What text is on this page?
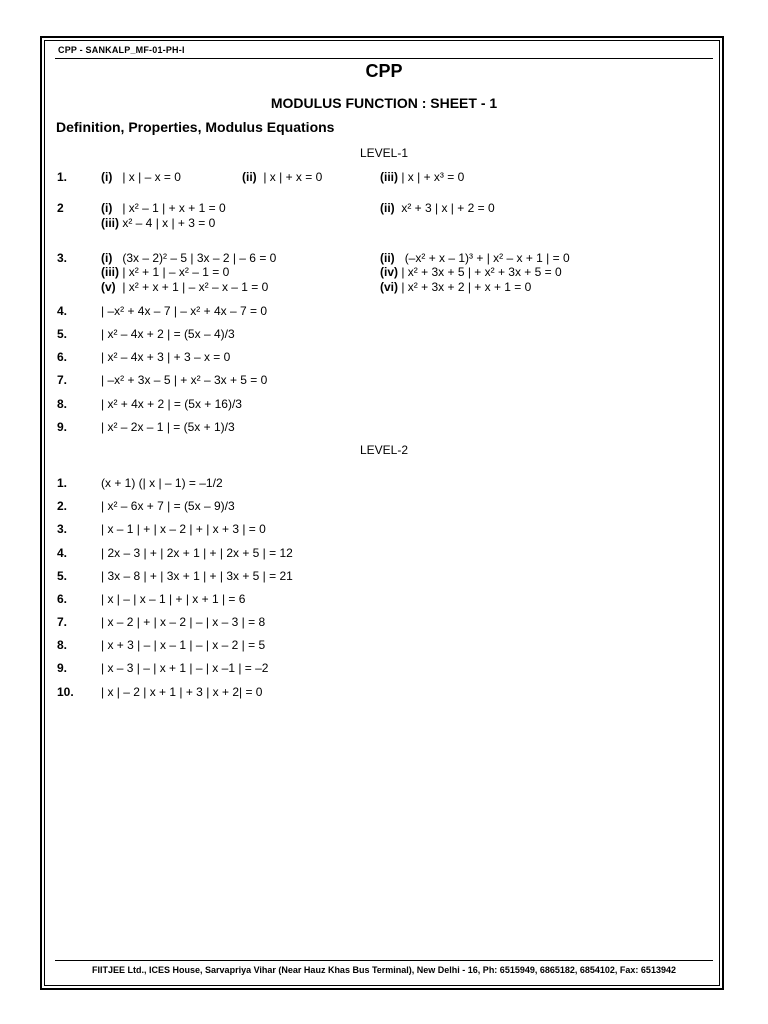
CPP - SANKALP_MF-01-PH-I
CPP
MODULUS FUNCTION : SHEET - 1
Definition, Properties, Modulus Equations
LEVEL-1
1.	(i) | x | – x = 0	(ii) | x | + x = 0	(iii) | x | + x³ = 0
2	(i) | x² – 1 | + x + 1 = 0	(ii) x² + 3 | x | + 2 = 0
(iii) x² – 4 | x | + 3 = 0
3.	(i) (3x – 2)² – 5 | 3x – 2 | – 6 = 0	(ii) (–x² + x – 1)³ + | x² – x + 1 | = 0
(iii) | x² + 1 | – x² – 1 = 0	(iv) | x² + 3x + 5 | + x² + 3x + 5 = 0
(v) | x² + x + 1 | – x² – x – 1 = 0	(vi) | x² + 3x + 2 | + x + 1 = 0
4.	| –x² + 4x – 7 | – x² + 4x – 7 = 0
5.	| x² – 4x + 2 | = (5x – 4)/3
6.	| x² – 4x + 3 | + 3 – x = 0
7.	| –x² + 3x – 5 | + x² – 3x + 5 = 0
8.	| x² + 4x + 2 | = (5x + 16)/3
9.	| x² – 2x – 1 | = (5x + 1)/3
LEVEL-2
1.	(x + 1) (| x | – 1) = –1/2
2.	| x² – 6x + 7 | = (5x – 9)/3
3.	| x – 1 | + | x – 2 | + | x + 3 | = 0
4.	| 2x – 3 | + | 2x + 1 | + | 2x + 5 | = 12
5.	| 3x – 8 | + | 3x + 1 | + | 3x + 5 | = 21
6.	| x | – | x – 1 | + | x + 1 | = 6
7.	| x – 2 | + | x – 2 | – | x – 3 | = 8
8.	| x + 3 | – | x – 1 | – | x – 2 | = 5
9.	| x – 3 | – | x + 1 | – | x –1 | = –2
10. | x | – 2 | x + 1 | + 3 | x + 2| = 0
FIITJEE Ltd., ICES House, Sarvapriya Vihar (Near Hauz Khas Bus Terminal), New Delhi - 16, Ph: 6515949, 6865182, 6854102, Fax: 6513942
